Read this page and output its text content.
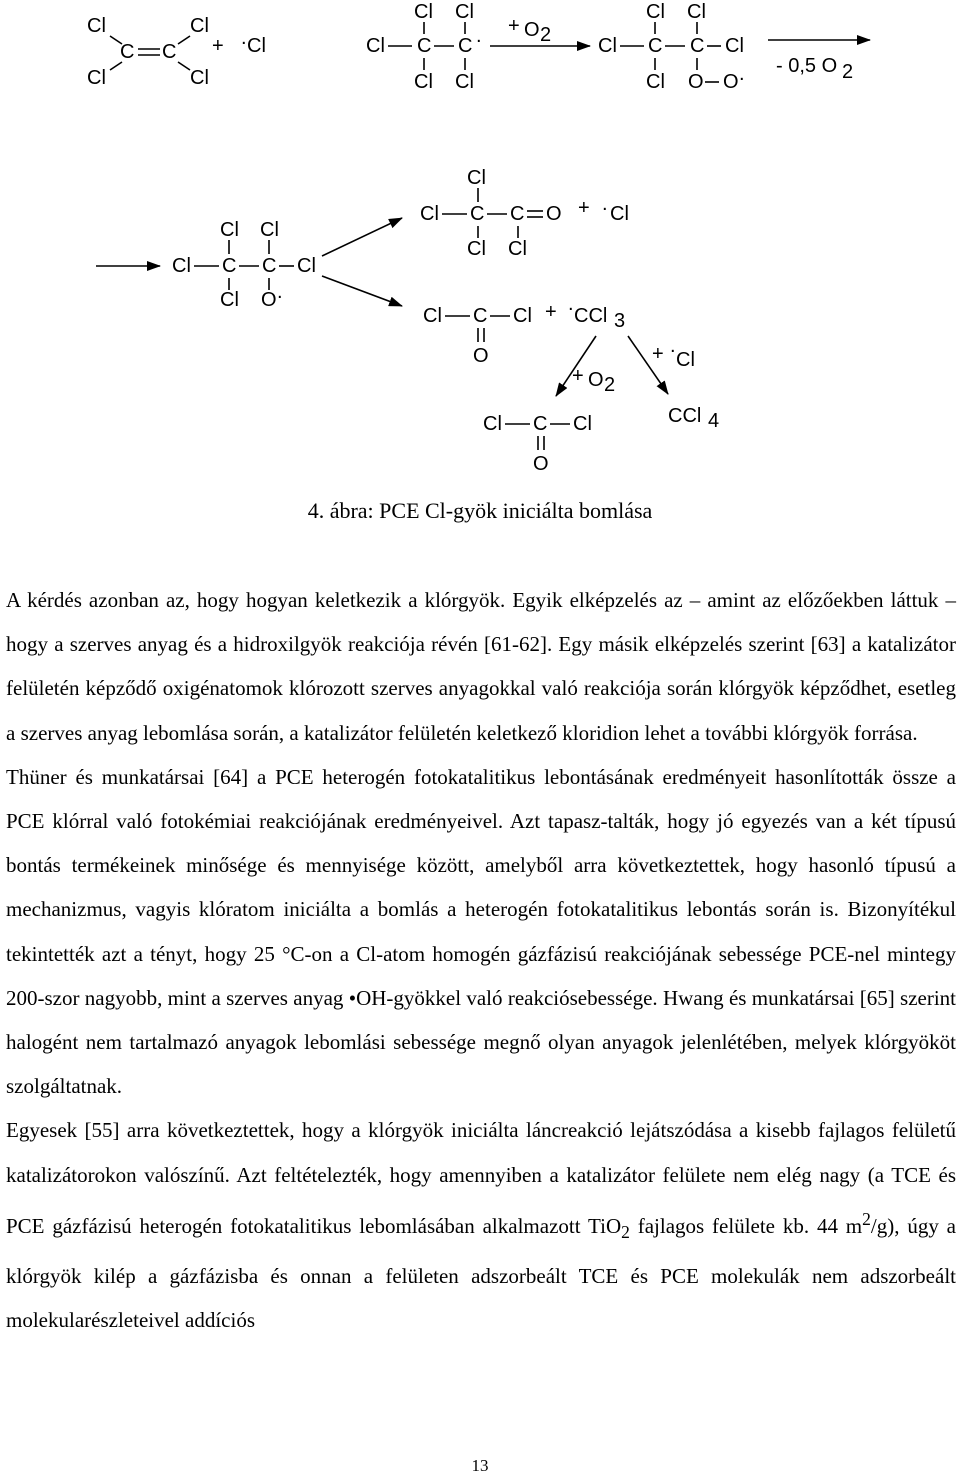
Cl
Cl
Cl
Cl
C C + . Cl	Cl C C .
Cl Cl
Cl Cl
+ O 2 Cl C C Cl
Cl Cl
Cl O O . - 0,5 O 2
Cl C C Cl
Cl Cl
Cl O .
Cl
Cl C C O
Cl Cl
+ . Cl
Cl C Cl
O
+ .
CCl 3
+ O 2
+ .
Cl
Cl C Cl
O
CCl 4
4. ábra: PCE Cl-gyök iniciálta bomlása

A kérdés azonban az, hogy hogyan keletkezik a klórgyök. Egyik elképzelés az – amint az előzőekben láttuk – hogy a szerves anyag és a hidroxilgyök reakciója révén [61-62]. Egy másik elképzelés szerint [63] a katalizátor felületén képződő oxigénatomok klórozott szerves anyagokkal való reakciója során klórgyök képződhet, esetleg a szerves anyag lebomlása során, a katalizátor felületén keletkező kloridion lehet a további klórgyök forrása.

Thüner és munkatársai [64] a PCE heterogén fotokatalitikus lebontásának eredményeit hasonlították össze a PCE klórral való fotokémiai reakciójának eredményeivel. Azt tapasz-talták, hogy jó egyezés van a két típusú bontás termékeinek minősége és mennyisége között, amelyből arra következtettek, hogy hasonló típusú a mechanizmus, vagyis klóratom iniciálta a bomlás a heterogén fotokatalitikus lebontás során is. Bizonyítékul tekintették azt a tényt, hogy 25 °C-on a Cl-atom homogén gázfázisú reakciójának sebessége PCE-nel mintegy 200-szor nagyobb, mint a szerves anyag •OH-gyökkel való reakciósebessége. Hwang és munkatársai [65] szerint halogént nem tartalmazó anyagok lebomlási sebessége megnő olyan anyagok jelenlétében, melyek klórgyököt szolgáltatnak.

Egyesek [55] arra következtettek, hogy a klórgyök iniciálta láncreakció lejátszódása a kisebb fajlagos felületű katalizátorokon valószínű. Azt feltételezték, hogy amennyiben a katalizátor felülete nem elég nagy (a TCE és PCE gázfázisú heterogén fotokatalitikus lebomlásában alkalmazott TiO$_2$ fajlagos felülete kb. 44 $m^2/g$), úgy a klórgyök kilép a gázfázisba és onnan a felületen adszorbeált TCE és PCE molekulák nem adszorbeált molekularészleteivel addíciós

13
